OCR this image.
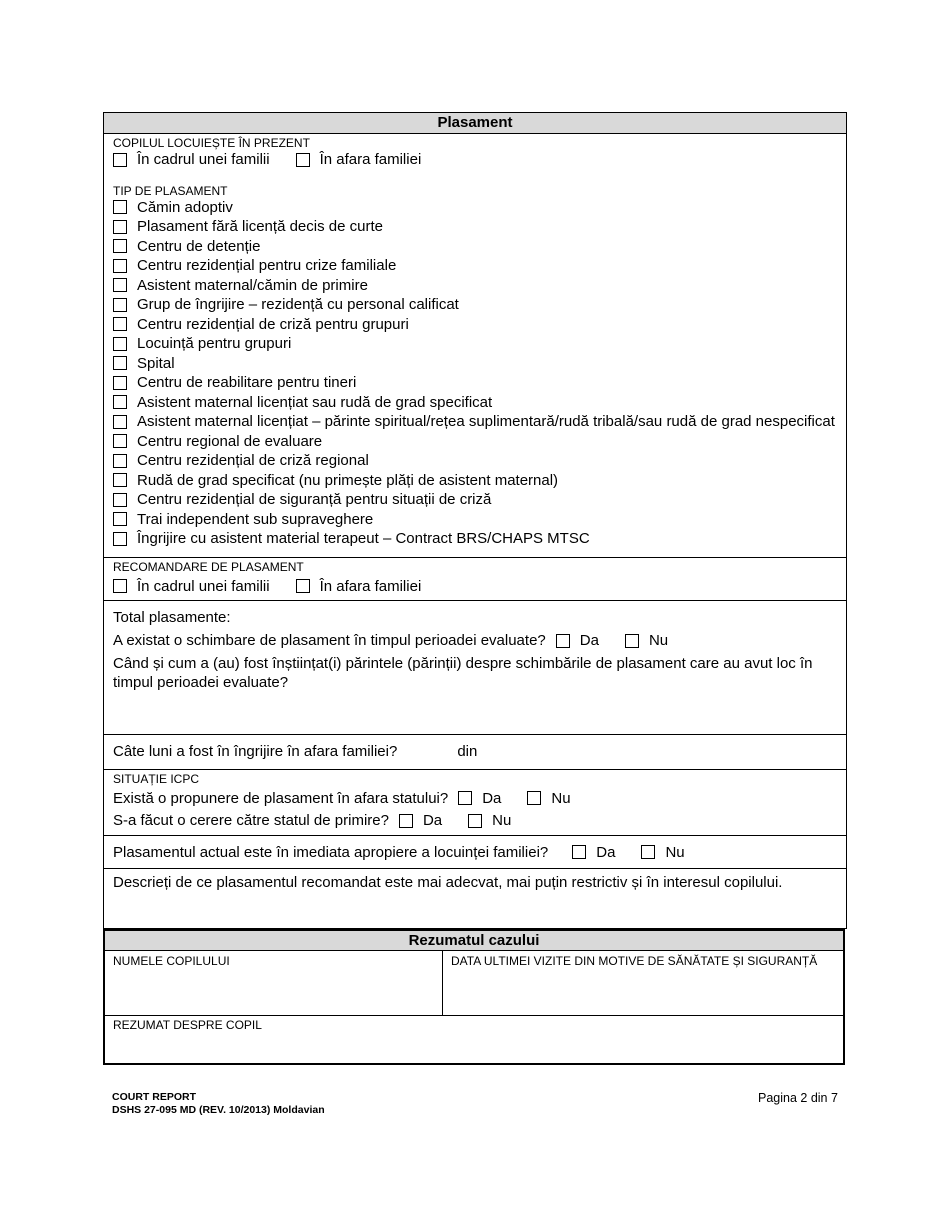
Plasament
COPILUL LOCUIEȘTE ÎN PREZENT
În cadrul unei familii	În afara familiei
TIP DE PLASAMENT
Cămin adoptiv
Plasament fără licență decis de curte
Centru de detenție
Centru rezidențial pentru crize familiale
Asistent maternal/cămin de primire
Grup de îngrijire – rezidență cu personal calificat
Centru rezidențial de criză pentru grupuri
Locuință pentru grupuri
Spital
Centru de reabilitare pentru tineri
Asistent maternal licențiat sau rudă de grad specificat
Asistent maternal licențiat – părinte spiritual/rețea suplimentară/rudă tribală/sau rudă de grad nespecificat
Centru regional de evaluare
Centru rezidențial de criză regional
Rudă de grad specificat (nu primește plăți de asistent maternal)
Centru rezidențial de siguranță pentru situații de criză
Trai independent sub supraveghere
Îngrijire cu asistent material terapeut – Contract BRS/CHAPS MTSC
RECOMANDARE DE PLASAMENT
În cadrul unei familii	În afara familiei
Total plasamente:
A existat o schimbare de plasament în timpul perioadei evaluate? Da	Nu
Când și cum a (au) fost înștiințat(i) părintele (părinții) despre schimbările de plasament care au avut loc în timpul perioadei evaluate?
Câte luni a fost în îngrijire în afara familiei?	din
SITUAȚIE ICPC
Există o propunere de plasament în afara statului? Da	Nu
S-a făcut o cerere către statul de primire? Da	Nu
Plasamentul actual este în imediata apropiere a locuinței familiei?	Da	Nu
Descrieți de ce plasamentul recomandat este mai adecvat, mai puțin restrictiv și în interesul copilului.
Rezumatul cazului
NUMELE COPILULUI	DATA ULTIMEI VIZITE DIN MOTIVE DE SĂNĂTATE ȘI SIGURANȚĂ
REZUMAT DESPRE COPIL
COURT REPORT
DSHS 27-095 MD (REV. 10/2013) Moldavian
Pagina 2 din 7
